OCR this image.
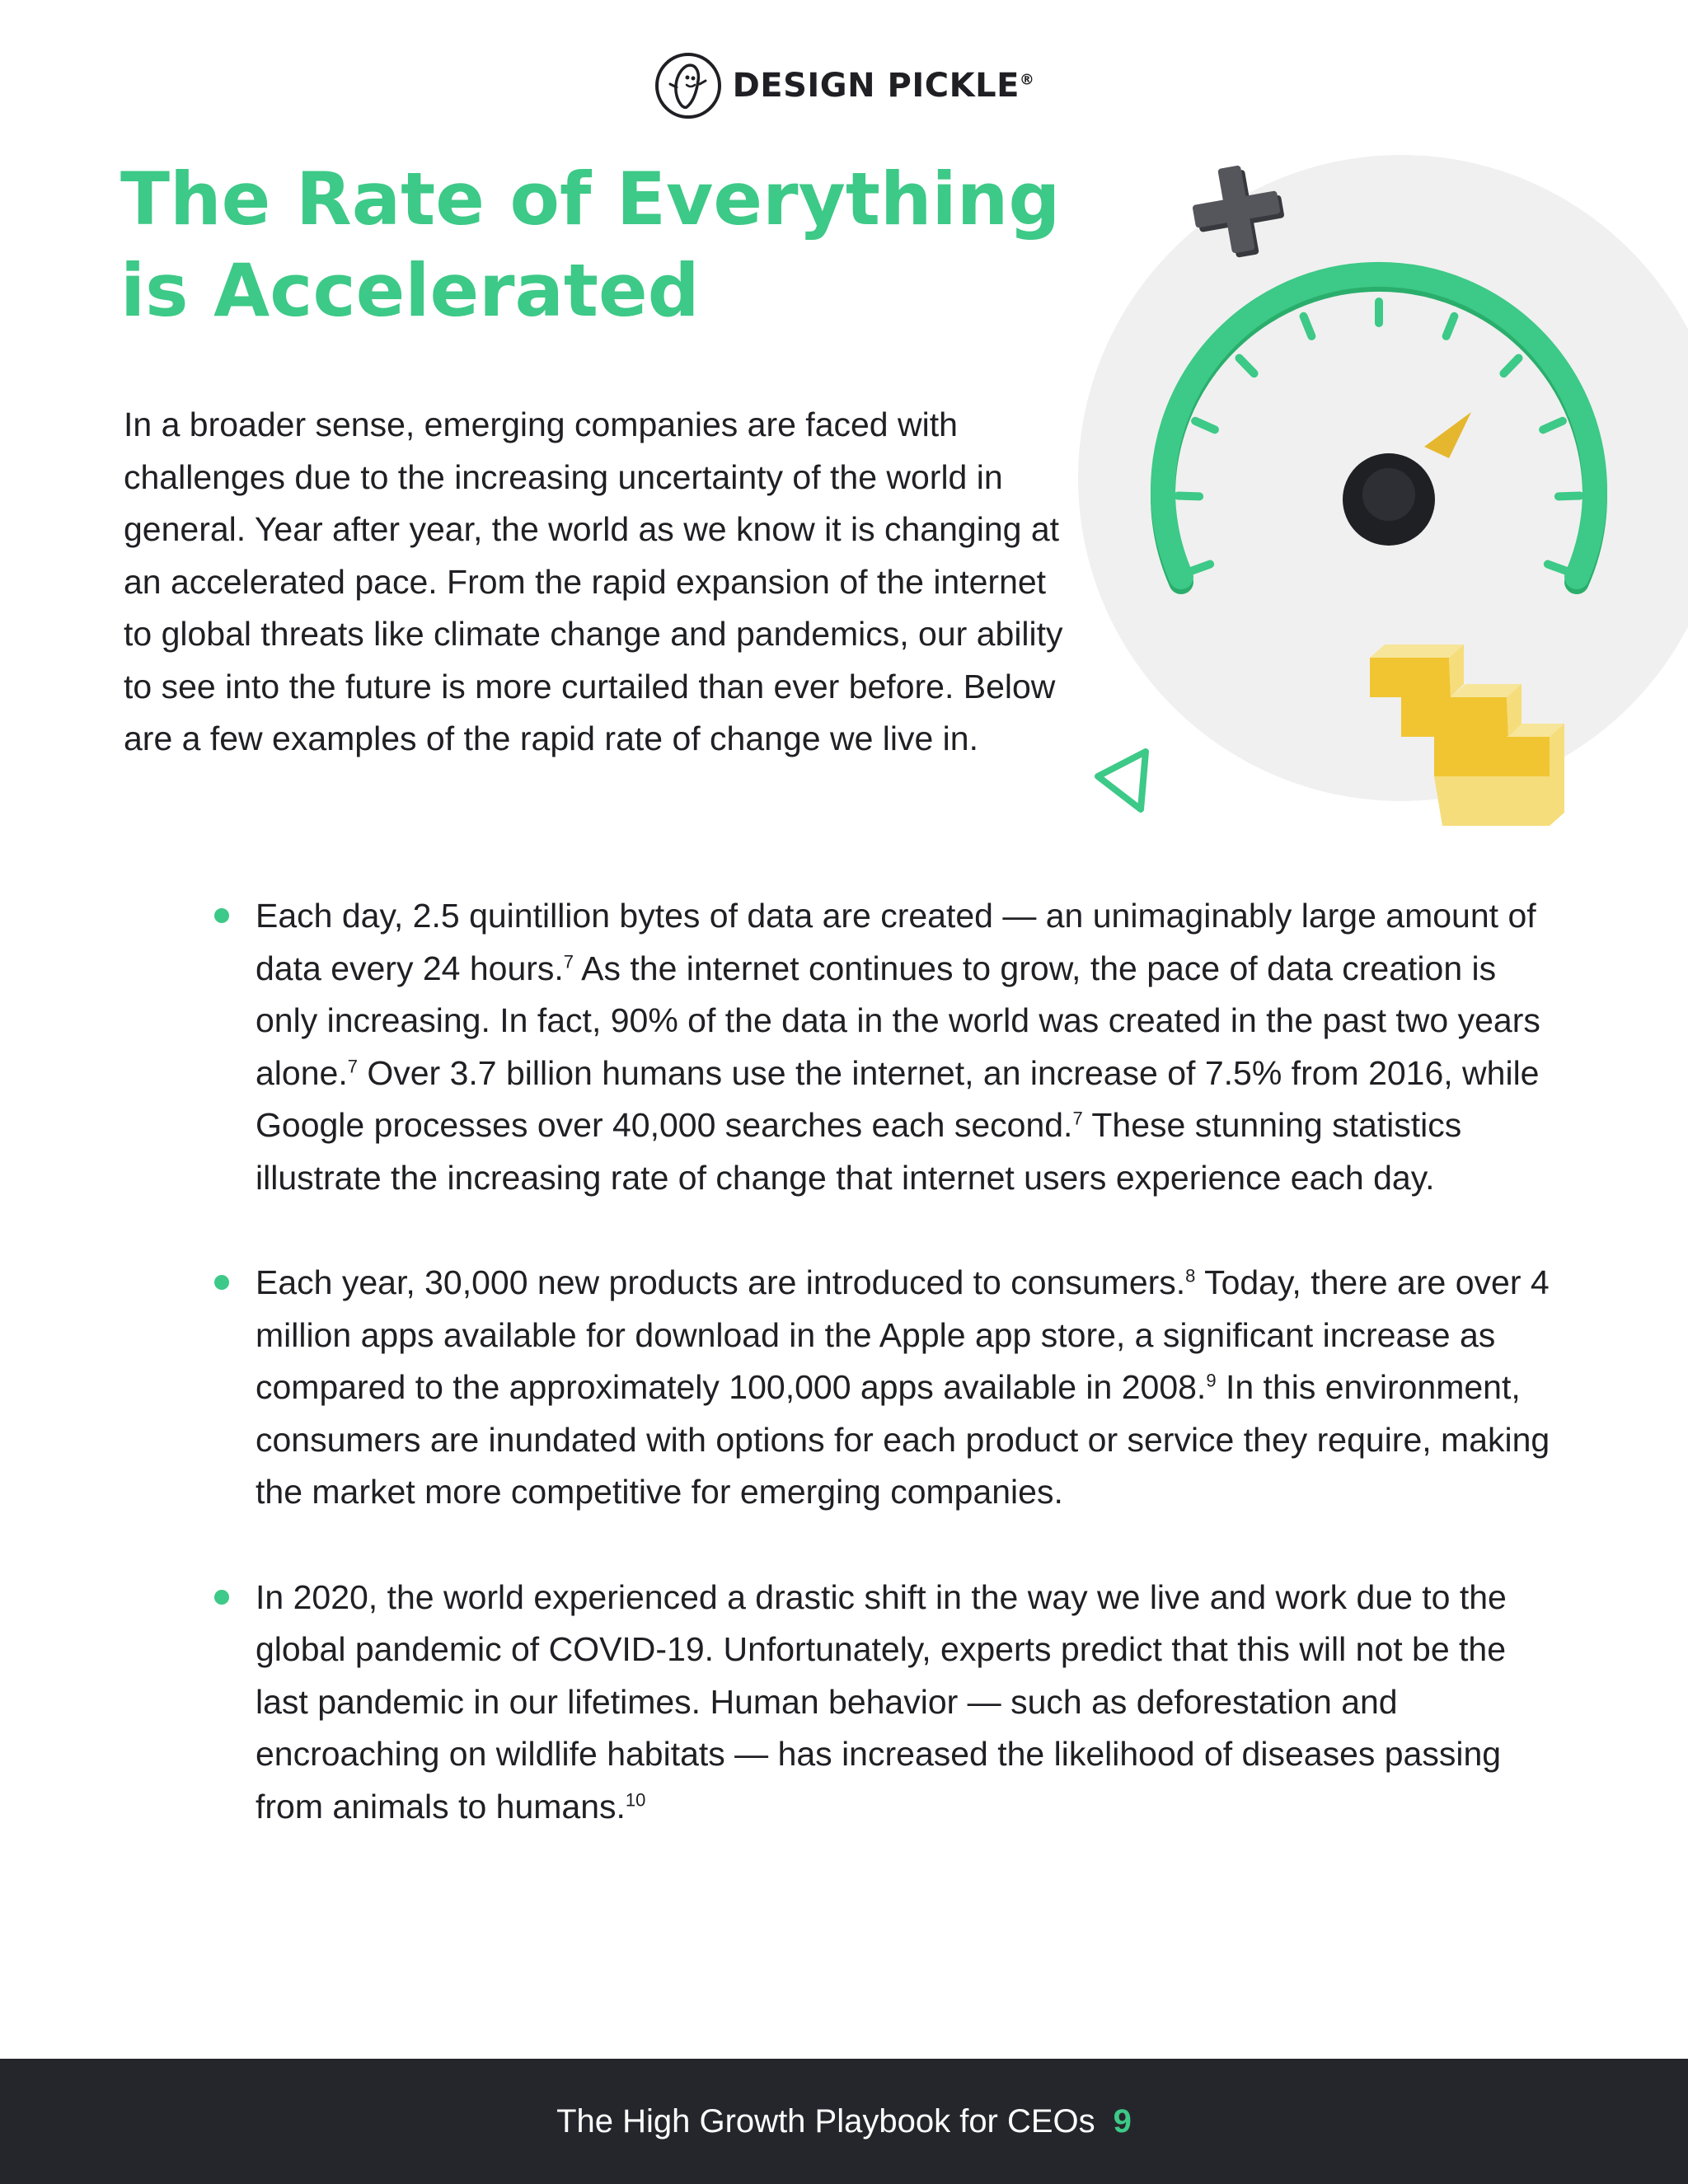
DESIGN PICKLE®
The Rate of Everything
is Accelerated

In a broader sense, emerging companies are faced with challenges due to the increasing uncertainty of the world in general. Year after year, the world as we know it is changing at an accelerated pace. From the rapid expansion of the internet to global threats like climate change and pandemics, our ability to see into the future is more curtailed than ever before. Below are a few examples of the rapid rate of change we live in.

Each day, 2.5 quintillion bytes of data are created — an unimaginably large amount of data every 24 hours.$^7$ As the internet continues to grow, the pace of data creation is only increasing. In fact, 90% of the data in the world was created in the past two years alone.$^7$ Over 3.7 billion humans use the internet, an increase of 7.5% from 2016, while Google processes over 40,000 searches each second.$^7$ These stunning statistics illustrate the increasing rate of change that internet users experience each day.
Each year, 30,000 new products are introduced to consumers.$^8$ Today, there are over 4 million apps available for download in the Apple app store, a significant increase as compared to the approximately 100,000 apps available in 2008.$^9$ In this environment, consumers are inundated with options for each product or service they require, making the market more competitive for emerging companies.
In 2020, the world experienced a drastic shift in the way we live and work due to the global pandemic of COVID-19. Unfortunately, experts predict that this will not be the last pandemic in our lifetimes. Human behavior — such as deforestation and encroaching on wildlife habitats — has increased the likelihood of diseases passing from animals to humans.$^{10}$
The High Growth Playbook for CEOs 9
